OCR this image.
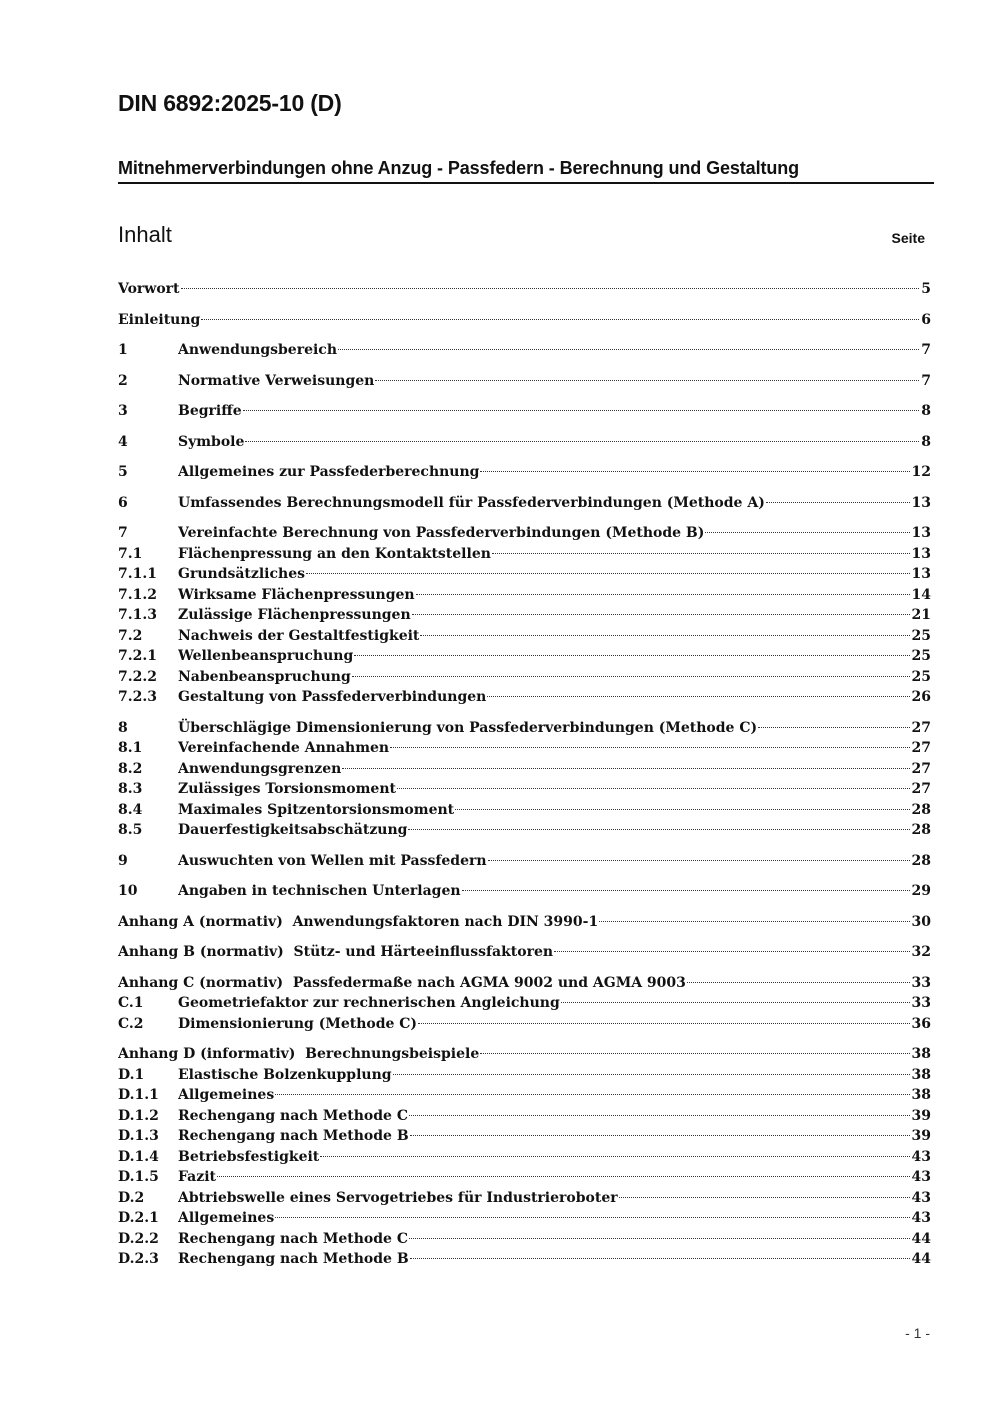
DIN 6892:2025-10 (D)
Mitnehmerverbindungen ohne Anzug - Passfedern - Berechnung und Gestaltung
Inhalt	Seite
Vorwort	5
Einleitung	6
1	Anwendungsbereich	7
2	Normative Verweisungen	7
3	Begriffe	8
4	Symbole	8
5	Allgemeines zur Passfederberechnung	12
6	Umfassendes Berechnungsmodell für Passfederverbindungen (Methode A)	13
7	Vereinfachte Berechnung von Passfederverbindungen (Methode B)	13
7.1	Flächenpressung an den Kontaktstellen	13
7.1.1	Grundsätzliches	13
7.1.2	Wirksame Flächenpressungen	14
7.1.3	Zulässige Flächenpressungen	21
7.2	Nachweis der Gestaltfestigkeit	25
7.2.1	Wellenbeanspruchung	25
7.2.2	Nabenbeanspruchung	25
7.2.3	Gestaltung von Passfederverbindungen	26
8	Überschlägige Dimensionierung von Passfederverbindungen (Methode C)	27
8.1	Vereinfachende Annahmen	27
8.2	Anwendungsgrenzen	27
8.3	Zulässiges Torsionsmoment	27
8.4	Maximales Spitzentorsionsmoment	28
8.5	Dauerfestigkeitsabschätzung	28
9	Auswuchten von Wellen mit Passfedern	28
10	Angaben in technischen Unterlagen	29
Anhang A (normativ)  Anwendungsfaktoren nach DIN 3990-1	30
Anhang B (normativ)  Stütz- und Härteeinflussfaktoren	32
Anhang C (normativ)  Passfedermaße nach AGMA 9002 und AGMA 9003	33
C.1	Geometriefaktor zur rechnerischen Angleichung	33
C.2	Dimensionierung (Methode C)	36
Anhang D (informativ)  Berechnungsbeispiele	38
D.1	Elastische Bolzenkupplung	38
D.1.1	Allgemeines	38
D.1.2	Rechengang nach Methode C	39
D.1.3	Rechengang nach Methode B	39
D.1.4	Betriebsfestigkeit	43
D.1.5	Fazit	43
D.2	Abtriebswelle eines Servogetriebes für Industrieroboter	43
D.2.1	Allgemeines	43
D.2.2	Rechengang nach Methode C	44
D.2.3	Rechengang nach Methode B	44
- 1 -
